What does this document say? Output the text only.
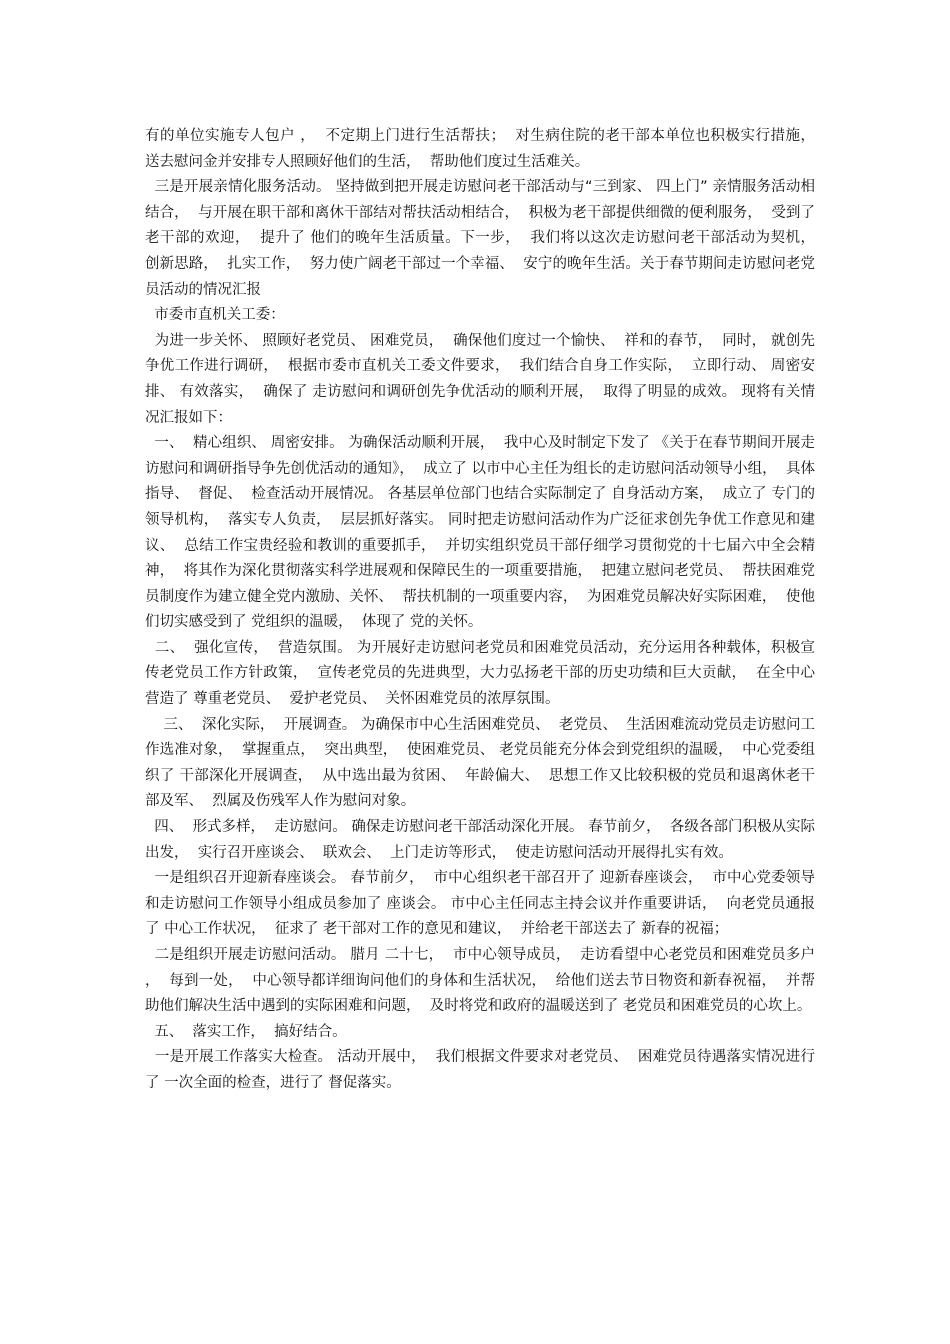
有的单位实施专人包户 ，  不定期上门进行生活帮扶；  对生病住院的老干部本单位也积极实行措施，  送去慰问金并安排专人照顾好他们的生活，  帮助他们度过生活难关。

三是开展亲情化服务活动。 坚持做到把开展走访慰问老干部活动与“三到家、 四上门” 亲情服务活动相结合，  与开展在职干部和离休干部结对帮扶活动相结合，  积极为老干部提供细微的便利服务，  受到了 老干部的欢迎，  提升了 他们的晚年生活质量。下一步，  我们将以这次走访慰问老干部活动为契机，  创新思路，  扎实工作，  努力使广阔老干部过一个幸福、  安宁的晚年生活。关于春节期间走访慰问老党员活动的情况汇报

市委市直机关工委：

为进一步关怀、 照顾好老党员、 困难党员，  确保他们度过一个愉快、  祥和的春节，  同时， 就创先争优工作进行调研，  根据市委市直机关工委文件要求，  我们结合自身工作实际，  立即行动、 周密安排、 有效落实，  确保了 走访慰问和调研创先争优活动的顺利开展，  取得了明显的成效。 现将有关情况汇报如下：

一、  精心组织、 周密安排。 为确保活动顺利开展，  我中心及时制定下发了 《关于在春节期间开展走访慰问和调研指导争先创优活动的通知》，  成立了 以市中心主任为组长的走访慰问活动领导小组，  具体指导、  督促、  检查活动开展情况。 各基层单位部门也结合实际制定了 自身活动方案，  成立了 专门的领导机构，  落实专人负责，  层层抓好落实。 同时把走访慰问活动作为广泛征求创先争优工作意见和建议、  总结工作宝贵经验和教训的重要抓手，  并切实组织党员干部仔细学习贯彻党的十七届六中全会精神，  将其作为深化贯彻落实科学进展观和保障民生的一项重要措施，  把建立慰问老党员、  帮扶困难党员制度作为建立健全党内激励、关怀、  帮扶机制的一项重要内容，  为困难党员解决好实际困难，  使他们切实感受到了 党组织的温暖，  体现了 党的关怀。

二、  强化宣传，  营造氛围。 为开展好走访慰问老党员和困难党员活动，充分运用各种载体，积极宣传老党员工作方针政策，  宣传老党员的先进典型，大力弘扬老干部的历史功绩和巨大贡献，  在全中心营造了 尊重老党员、  爱护老党员、  关怀困难党员的浓厚氛围。

三、  深化实际，  开展调查。 为确保市中心生活困难党员、  老党员、  生活困难流动党员走访慰问工作选准对象，  掌握重点，  突出典型，  使困难党员、 老党员能充分体会到党组织的温暖，  中心党委组织了 干部深化开展调查，  从中选出最为贫困、  年龄偏大、  思想工作又比较积极的党员和退离休老干部及军、  烈属及伤残军人作为慰问对象。

四、  形式多样，  走访慰问。 确保走访慰问老干部活动深化开展。 春节前夕，  各级各部门积极从实际出发，  实行召开座谈会、  联欢会、  上门走访等形式，  使走访慰问活动开展得扎实有效。

一是组织召开迎新春座谈会。 春节前夕，  市中心组织老干部召开了 迎新春座谈会，  市中心党委领导和走访慰问工作领导小组成员参加了 座谈会。 市中心主任同志主持会议并作重要讲话，  向老党员通报了 中心工作状况，  征求了 老干部对工作的意见和建议，  并给老干部送去了 新春的祝福；

二是组织开展走访慰问活动。 腊月 二十七，  市中心领导成员，  走访看望中心老党员和困难党员多户 ，  每到一处，  中心领导都详细询问他们的身体和生活状况，  给他们送去节日物资和新春祝福，  并帮助他们解决生活中遇到的实际困难和问题，  及时将党和政府的温暖送到了 老党员和困难党员的心坎上。

五、  落实工作，  搞好结合。

一是开展工作落实大检查。 活动开展中，  我们根据文件要求对老党员、  困难党员待遇落实情况进行了 一次全面的检查，进行了 督促落实。
